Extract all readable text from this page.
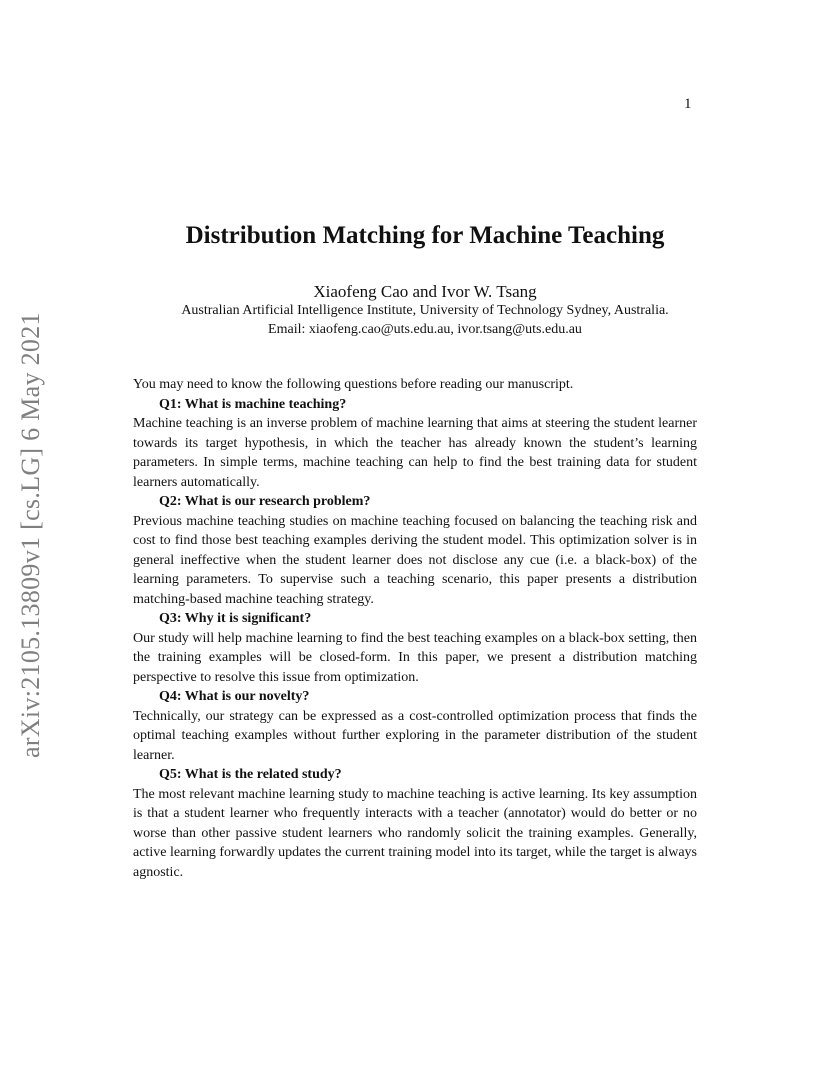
1
arXiv:2105.13809v1 [cs.LG] 6 May 2021
Distribution Matching for Machine Teaching
Xiaofeng Cao and Ivor W. Tsang
Australian Artificial Intelligence Institute, University of Technology Sydney, Australia.
Email: xiaofeng.cao@uts.edu.au, ivor.tsang@uts.edu.au

You may need to know the following questions before reading our manuscript.

Q1: What is machine teaching?

Machine teaching is an inverse problem of machine learning that aims at steering the student learner towards its target hypothesis, in which the teacher has already known the student’s learning parameters. In simple terms, machine teaching can help to find the best training data for student learners automatically.

Q2: What is our research problem?

Previous machine teaching studies on machine teaching focused on balancing the teaching risk and cost to find those best teaching examples deriving the student model. This optimization solver is in general ineffective when the student learner does not disclose any cue (i.e. a black-box) of the learning parameters. To supervise such a teaching scenario, this paper presents a distribution matching-based machine teaching strategy.

Q3: Why it is significant?

Our study will help machine learning to find the best teaching examples on a black-box setting, then the training examples will be closed-form. In this paper, we present a distribution matching perspective to resolve this issue from optimization.

Q4: What is our novelty?

Technically, our strategy can be expressed as a cost-controlled optimization process that finds the optimal teaching examples without further exploring in the parameter distribution of the student learner.

Q5: What is the related study?

The most relevant machine learning study to machine teaching is active learning. Its key assumption is that a student learner who frequently interacts with a teacher (annotator) would do better or no worse than other passive student learners who randomly solicit the training examples. Generally, active learning forwardly updates the current training model into its target, while the target is always agnostic.
